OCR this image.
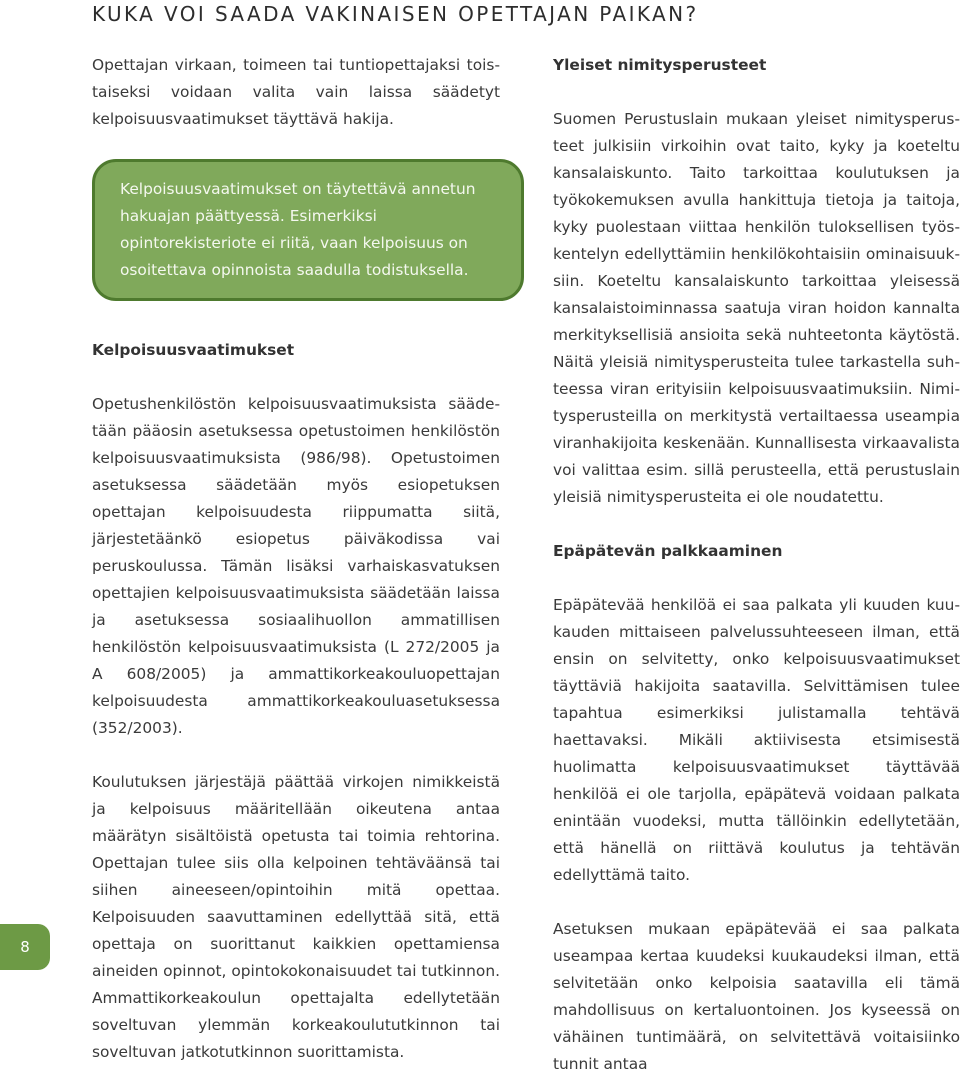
KUKA VOI SAADA VAKINAISEN OPETTAJAN PAIKAN?

Opettajan virkaan, toimeen tai tuntiopettajaksi toistaiseksi voidaan valita vain laissa säädetyt kelpoisuusvaatimukset täyttävä hakija.

Kelpoisuusvaatimukset on täytettävä annetun hakuajan päättyessä. Esimerkiksi opintorekisteriote ei riitä, vaan kelpoisuus on osoitettava opinnoista saadulla todistuksella.

Kelpoisuusvaatimukset

Opetushenkilöstön kelpoisuusvaatimuksista säädetään pääosin asetuksessa opetustoimen henkilöstön kelpoisuusvaatimuksista (986/98). Opetustoimen asetuksessa säädetään myös esiopetuksen opettajan kelpoisuudesta riippumatta siitä, järjestetäänkö esiopetus päiväkodissa vai peruskoulussa. Tämän lisäksi varhaiskasvatuksen opettajien kelpoisuusvaatimuksista säädetään laissa ja asetuksessa sosiaalihuollon ammatillisen henkilöstön kelpoisuusvaatimuksista (L 272/2005 ja A 608/2005) ja ammattikorkeakouluopettajan kelpoisuudesta ammattikorkeakouluasetuksessa (352/2003).

Koulutuksen järjestäjä päättää virkojen nimikkeistä ja kelpoisuus määritellään oikeutena antaa määrätyn sisältöistä opetusta tai toimia rehtorina. Opettajan tulee siis olla kelpoinen tehtäväänsä tai siihen aineeseen/opintoihin mitä opettaa. Kelpoisuuden saavuttaminen edellyttää sitä, että opettaja on suorittanut kaikkien opettamiensa aineiden opinnot, opintokokonaisuudet tai tutkinnon. Ammattikorkeakoulun opettajalta edellytetään soveltuvan ylemmän korkeakoulututkinnon tai soveltuvan jatkotutkinnon suorittamista.

Yleiset nimitysperusteet

Suomen Perustuslain mukaan yleiset nimitysperusteet julkisiin virkoihin ovat taito, kyky ja koeteltu kansalaiskunto. Taito tarkoittaa koulutuksen ja työkokemuksen avulla hankittuja tietoja ja taitoja, kyky puolestaan viittaa henkilön tuloksellisen työskentelyn edellyttämiin henkilökohtaisiin ominaisuuksiin. Koeteltu kansalaiskunto tarkoittaa yleisessä kansalaistoiminnassa saatuja viran hoidon kannalta merkityksellisiä ansioita sekä nuhteetonta käytöstä. Näitä yleisiä nimitysperusteita tulee tarkastella suhteessa viran erityisiin kelpoisuusvaatimuksiin. Nimitysperusteilla on merkitystä vertailtaessa useampia viranhakijoita keskenään. Kunnallisesta virkaavalista voi valittaa esim. sillä perusteella, että perustuslain yleisiä nimitysperusteita ei ole noudatettu.

Epäpätevän palkkaaminen

Epäpätevää henkilöä ei saa palkata yli kuuden kuukauden mittaiseen palvelussuhteeseen ilman, että ensin on selvitetty, onko kelpoisuusvaatimukset täyttäviä hakijoita saatavilla. Selvittämisen tulee tapahtua esimerkiksi julistamalla tehtävä haettavaksi. Mikäli aktiivisesta etsimisestä huolimatta kelpoisuusvaatimukset täyttävää henkilöä ei ole tarjolla, epäpätevä voidaan palkata enintään vuodeksi, mutta tällöinkin edellytetään, että hänellä on riittävä koulutus ja tehtävän edellyttämä taito.

Asetuksen mukaan epäpätevää ei saa palkata useampaa kertaa kuudeksi kuukaudeksi ilman, että selvitetään onko kelpoisia saatavilla eli tämä mahdollisuus on kertaluontoinen. Jos kyseessä on vähäinen tuntimäärä, on selvitettävä voitaisiinko tunnit antaa

8
